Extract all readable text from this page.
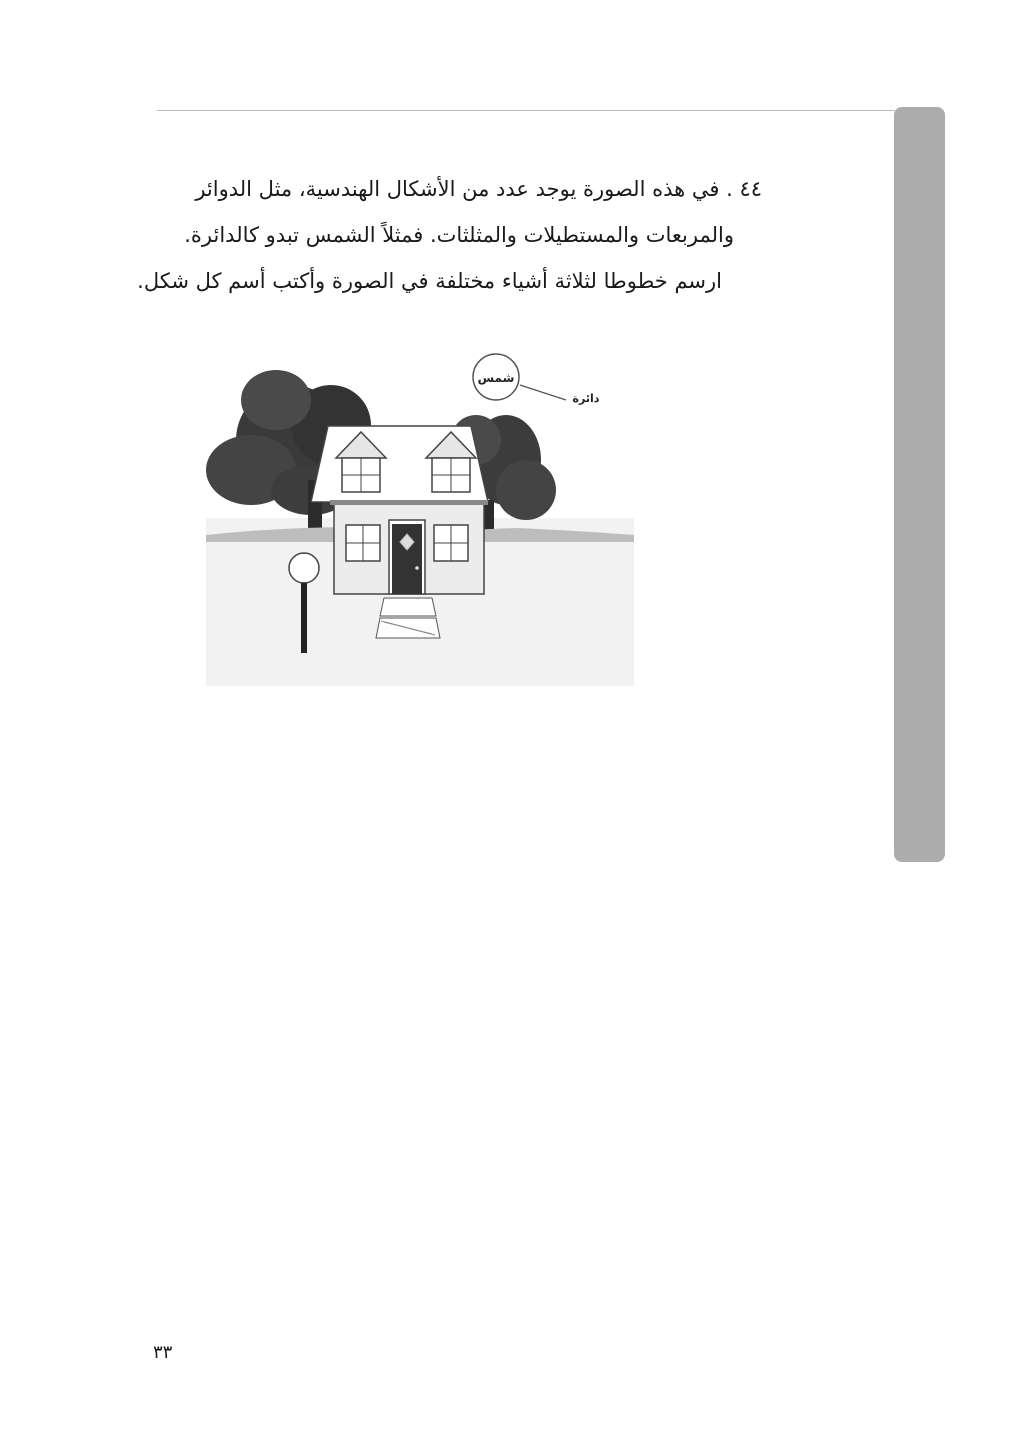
٤٤ . في هذه الصورة يوجد عدد من الأشكال الهندسية، مثل الدوائر
والمربعات والمستطيلات والمثلثات. فمثلاً الشمس تبدو كالدائرة.
ارسم خطوطا لثلاثة أشياء مختلفة في الصورة وأكتب أسم كل شكل.
شمس
دائرة
٣٣
